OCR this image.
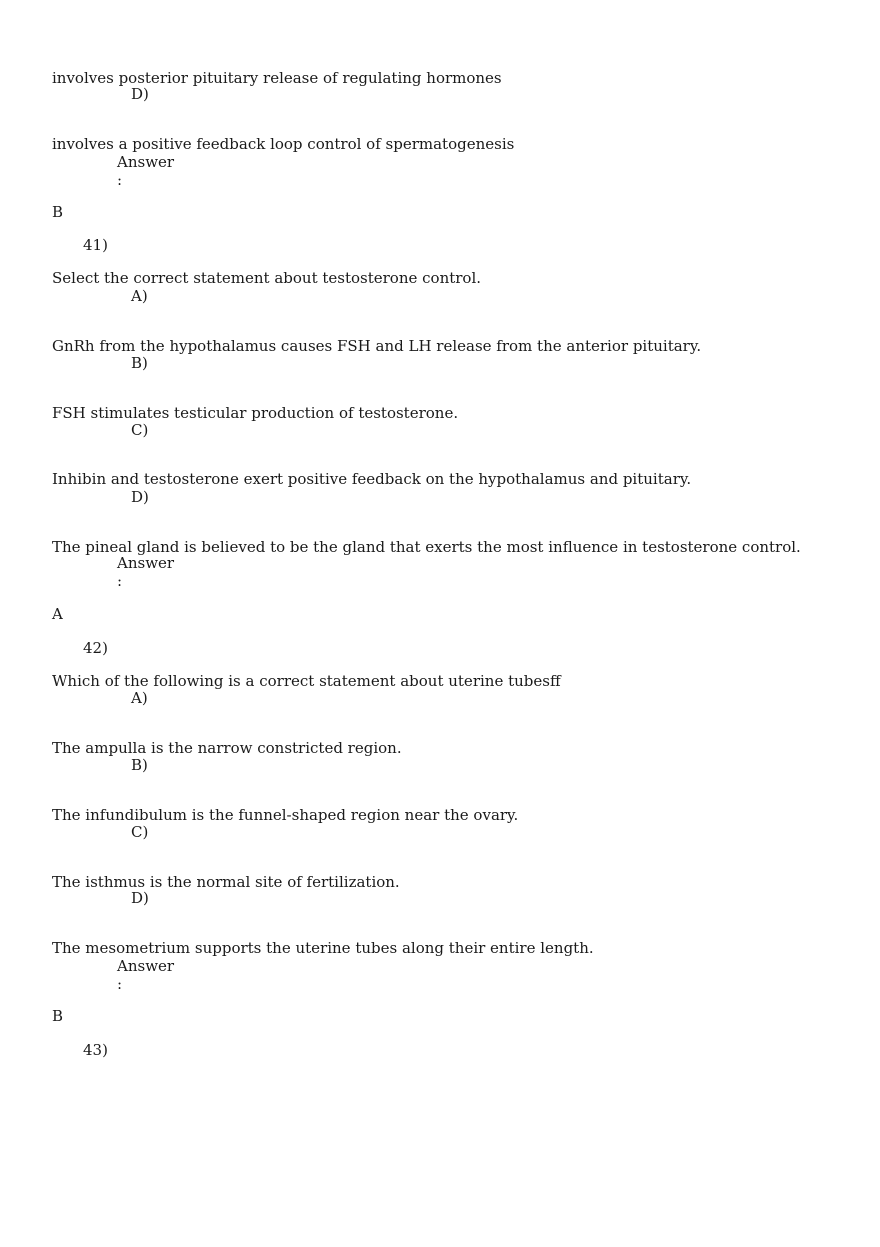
involves posterior pituitary release of regulating hormones
D)
involves a positive feedback loop control of spermatogenesis
Answer
:
B
41)
Select the correct statement about testosterone control.
A)
GnRh from the hypothalamus causes FSH and LH release from the anterior pituitary.
B)
FSH stimulates testicular production of testosterone.
C)
Inhibin and testosterone exert positive feedback on the hypothalamus and pituitary.
D)
The pineal gland is believed to be the gland that exerts the most influence in testosterone control.
Answer
:
A
42)
Which of the following is a correct statement about uterine tubesff
A)
The ampulla is the narrow constricted region.
B)
The infundibulum is the funnel-shaped region near the ovary.
C)
The isthmus is the normal site of fertilization.
D)
The mesometrium supports the uterine tubes along their entire length.
Answer
:
B
43)
